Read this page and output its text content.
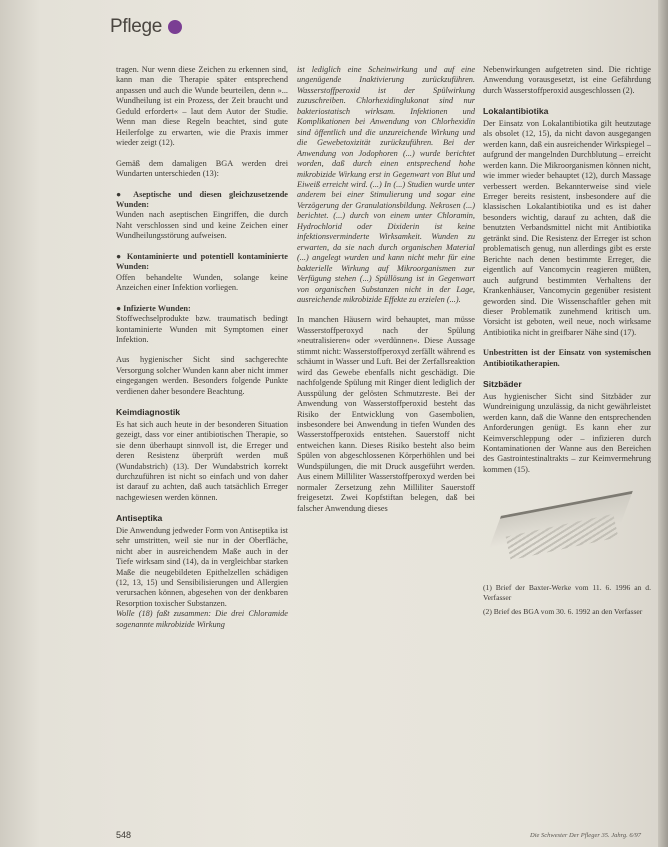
Pflege

tragen. Nur wenn diese Zeichen zu erkennen sind, kann man die Therapie später entsprechend anpassen und auch die Wunde beurteilen, denn »... Wundheilung ist ein Prozess, der Zeit braucht und Geduld erfordert« – laut dem Autor der Studie. Wenn man diese Regeln beachtet, sind gute Heilerfolge zu erwarten, wie die Praxis immer wieder zeigt (12).

Gemäß dem damaligen BGA werden drei Wundarten unterschieden (13):

● Aseptische und diesen gleichzusetzende Wunden:

Wunden nach aseptischen Eingriffen, die durch Naht verschlossen sind und keine Zeichen einer Wundheilungsstörung aufweisen.

● Kontaminierte und potentiell kontaminierte Wunden:

Offen behandelte Wunden, solange keine Anzeichen einer Infektion vorliegen.

● Infizierte Wunden:

Stoffwechselprodukte bzw. traumatisch bedingt kontaminierte Wunden mit Symptomen einer Infektion.

Aus hygienischer Sicht sind sachgerechte Versorgung solcher Wunden kann aber nicht immer eingegangen werden. Besonders folgende Punkte verdienen daher besondere Beachtung.

Keimdiagnostik

Es hat sich auch heute in der besonderen Situation gezeigt, dass vor einer antibiotischen Therapie, so sie denn überhaupt sinnvoll ist, die Erreger und deren Resistenz überprüft werden muß (Wundabstrich) (13). Der Wundabstrich korrekt durchzuführen ist nicht so einfach und von daher ist darauf zu achten, daß auch tatsächlich Erreger nachgewiesen werden können.

Antiseptika

Die Anwendung jedweder Form von Antiseptika ist sehr umstritten, weil sie nur in der Oberfläche, nicht aber in ausreichendem Maße auch in der Tiefe wirksam sind (14), da in vergleichbar starken Maße die neugebildeten Epithelzellen schädigen (12, 13, 15) und Sensibilisierungen und Allergien verursachen können, abgesehen von der denkbaren Resorption toxischer Substanzen.

Wolle (18) faßt zusammen: Die drei Chloramide sogenannte mikrobizide Wirkung

ist lediglich eine Scheinwirkung und auf eine ungenügende Inaktivierung zurückzuführen. Wasserstoffperoxid ist der Spülwirkung zuzuschreiben. Chlorhexidinglukonat sind nur bakteriostatisch wirksam. Infektionen und Komplikationen bei Anwendung von Chlorhexidin sind öffentlich und die unzureichende Wirkung und die Gewebetoxizität zurückzuführen. Bei der Anwendung von Jodophoren (...) wurde berichtet worden, daß durch einen entsprechend hohe mikrobizide Wirkung erst in Gegenwart von Blut und Eiweiß erreicht wird. (...) In (...) Studien wurde unter anderem bei einer Stimulierung und sogar eine Verzögerung der Granulationsbildung. Nekrosen (...) berichtet. (...) durch von einem unter Chloramin, Hydrochlorid oder Dixiderin ist keine infektionsverminderte Wirksamkeit. Wunden zu erwarten, da sie nach durch organischen Material (...) angelegt wurden und kann nicht mehr für eine bakterielle Wirkung auf Mikroorganismen zur Verfügung stehen (...) Spüllösung ist in Gegenwart von organischen Substanzen nicht in der Lage, ausreichende mikrobizide Effekte zu erzielen (...).

In manchen Häusern wird behauptet, man müsse Wasserstoffperoxyd nach der Spülung »neutralisieren« oder »verdünnen«. Diese Aussage stimmt nicht: Wasserstoffperoxyd zerfällt während es schäumt in Wasser und Luft. Bei der Zerfallsreaktion wird das Gewebe ebenfalls nicht geschädigt. Die nachfolgende Spülung mit Ringer dient lediglich der Ausspülung der gelösten Schmutzreste. Bei der Anwendung von Wasserstoffperoxid besteht das Risiko der Entwicklung von Gasembolien, insbesondere bei Anwendung in tiefen Wunden des Wasserstoffperoxids entstehen. Sauerstoff nicht entweichen kann. Dieses Risiko besteht also beim Spülen von abgeschlossenen Körperhöhlen und bei Wundspülungen, die mit Druck ausgeführt werden. Aus einem Milliliter Wasserstoffperoxyd werden bei normaler Zersetzung zehn Milliliter Sauerstoff freigesetzt. Zwei Kopfstiftan belegen, daß bei falscher Anwendung dieses

Nebenwirkungen aufgetreten sind. Die richtige Anwendung vorausgesetzt, ist eine Gefährdung durch Wasserstoffperoxid ausgeschlossen (2).

Lokalantibiotika

Der Einsatz von Lokalantibiotika gilt heutzutage als obsolet (12, 15), da nicht davon ausgegangen werden kann, daß ein ausreichender Wirkspiegel – aufgrund der mangelnden Durchblutung – erreicht werden kann. Die Mikroorganismen können nicht, wie immer wieder behauptet (12), durch Massage verbessert werden. Bekannterweise sind viele Erreger bereits resistent, insbesondere auf die klassischen Lokalantibiotika und es ist daher besonders wichtig, darauf zu achten, daß die benutzten Verbandsmittel nicht mit Antibiotika getränkt sind. Die Resistenz der Erreger ist schon problematisch genug, nun allerdings gibt es erste Berichte nach denen bestimmte Erreger, die eigentlich auf Vancomycin reagieren müßten, auch aufgrund bestimmten Verhaltens der Krankenhäuser, Vancomycin gegenüber resistent geworden sind. Die Wissenschaftler gehen mit dieser Problematik zunehmend kritisch um. Vorsicht ist geboten, weil neue, noch wirksame Antibiotika nicht in greifbarer Nähe sind (17).

Unbestritten ist der Einsatz von systemischen Antibiotikatherapien.

Sitzbäder

Aus hygienischer Sicht sind Sitzbäder zur Wundreinigung unzulässig, da nicht gewährleistet werden kann, daß die Wanne den entsprechenden Anforderungen genügt. Es kann eher zur Keimverschleppung oder – infizieren durch Kontaminationen der Wanne aus den Bereichen des Gastrointestinaltrakts – zur Keimvermehrung kommen (15).

(1) Brief der Baxter-Werke vom 11. 6. 1996 an d. Verfasser

(2) Brief des BGA vom 30. 6. 1992 an den Verfasser

548	Die Schwester Der Pfleger 35. Jahrg. 6/97
